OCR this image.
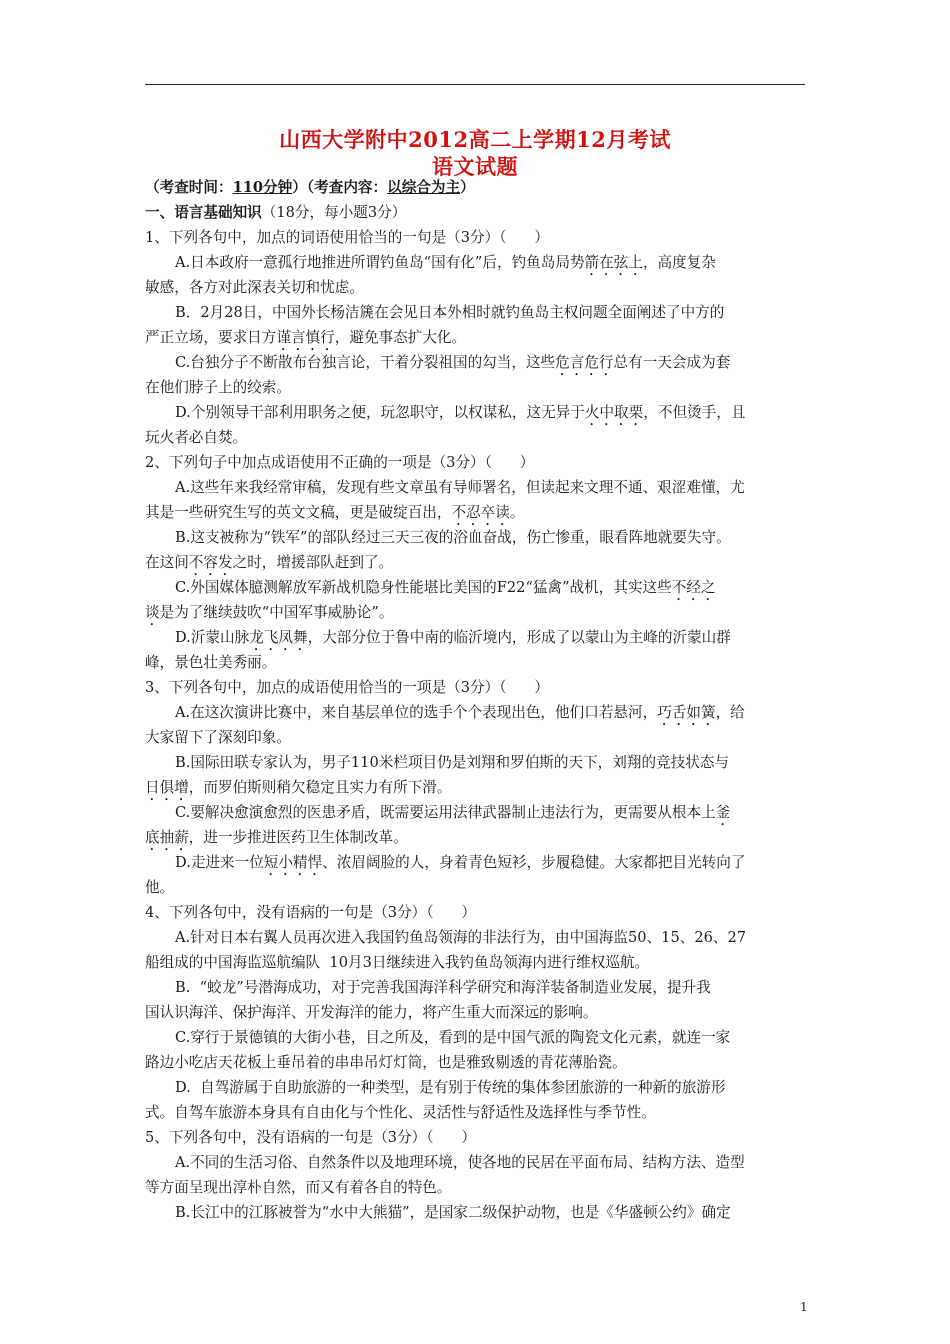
山西大学附中2012高二上学期12月考试
语文试题
（考查时间：110分钟）（考查内容：以综合为主）
一、语言基础知识（18分，每小题3分）
1、下列各句中，加点的词语使用恰当的一句是（3分）（      ）
A.日本政府一意孤行地推进所谓钓鱼岛“国有化”后，钓鱼岛局势箭在弦上，高度复杂
敏感，各方对此深表关切和忧虑。
B．2月28日，中国外长杨洁篪在会见日本外相时就钓鱼岛主权问题全面阐述了中方的
严正立场，要求日方谨言慎行，避免事态扩大化。
C.台独分子不断散布台独言论，干着分裂祖国的勾当，这些危言危行总有一天会成为套
在他们脖子上的绞索。
D.个别领导干部利用职务之便，玩忽职守，以权谋私，这无异于火中取栗，不但烫手，且
玩火者必自焚。
2、下列句子中加点成语使用不正确的一项是（3分）（      ）
A.这些年来我经常审稿，发现有些文章虽有导师署名，但读起来文理不通、艰涩难懂，尤
其是一些研究生写的英文文稿，更是破绽百出，不忍卒读。
B.这支被称为“铁军”的部队经过三天三夜的浴血奋战，伤亡惨重，眼看阵地就要失守。
在这间不容发之时，增援部队赶到了。
C.外国媒体臆测解放军新战机隐身性能堪比美国的F22“猛禽”战机，其实这些不经之
谈是为了继续鼓吹“中国军事威胁论”。
D.沂蒙山脉龙飞凤舞，大部分位于鲁中南的临沂境内，形成了以蒙山为主峰的沂蒙山群
峰，景色壮美秀丽。
3、下列各句中，加点的成语使用恰当的一项是（3分）（      ）
A.在这次演讲比赛中，来自基层单位的选手个个表现出色，他们口若悬河，巧舌如簧，给
大家留下了深刻印象。
B.国际田联专家认为，男子110米栏项目仍是刘翔和罗伯斯的天下，刘翔的竞技状态与
日俱增，而罗伯斯则稍欠稳定且实力有所下滑。
C.要解决愈演愈烈的医患矛盾，既需要运用法律武器制止违法行为，更需要从根本上釜
底抽薪，进一步推进医药卫生体制改革。
D.走进来一位短小精悍、浓眉阔脸的人，身着青色短衫，步履稳健。大家都把目光转向了
他。
4、下列各句中，没有语病的一句是（3分）（      ）
A.针对日本右翼人员再次进入我国钓鱼岛领海的非法行为，由中国海监50、15、26、27
船组成的中国海监巡航编队  10月3日继续进入我钓鱼岛领海内进行维权巡航。
B.  “蛟龙”号潜海成功，对于完善我国海洋科学研究和海洋装备制造业发展，提升我
国认识海洋、保护海洋、开发海洋的能力，将产生重大而深远的影响。
C.穿行于景德镇的大街小巷，目之所及，看到的是中国气派的陶瓷文化元素，就连一家
路边小吃店天花板上垂吊着的串串吊灯灯筒，也是雅致剔透的青花薄胎瓷。
D.  自驾游属于自助旅游的一种类型，是有别于传统的集体参团旅游的一种新的旅游形
式。自驾车旅游本身具有自由化与个性化、灵活性与舒适性及选择性与季节性。
5、下列各句中，没有语病的一句是（3分）（      ）
A.不同的生活习俗、自然条件以及地理环境，使各地的民居在平面布局、结构方法、造型
等方面呈现出淳朴自然，而又有着各自的特色。
B.长江中的江豚被誉为“水中大熊猫”，是国家二级保护动物，也是《华盛顿公约》确定
1
